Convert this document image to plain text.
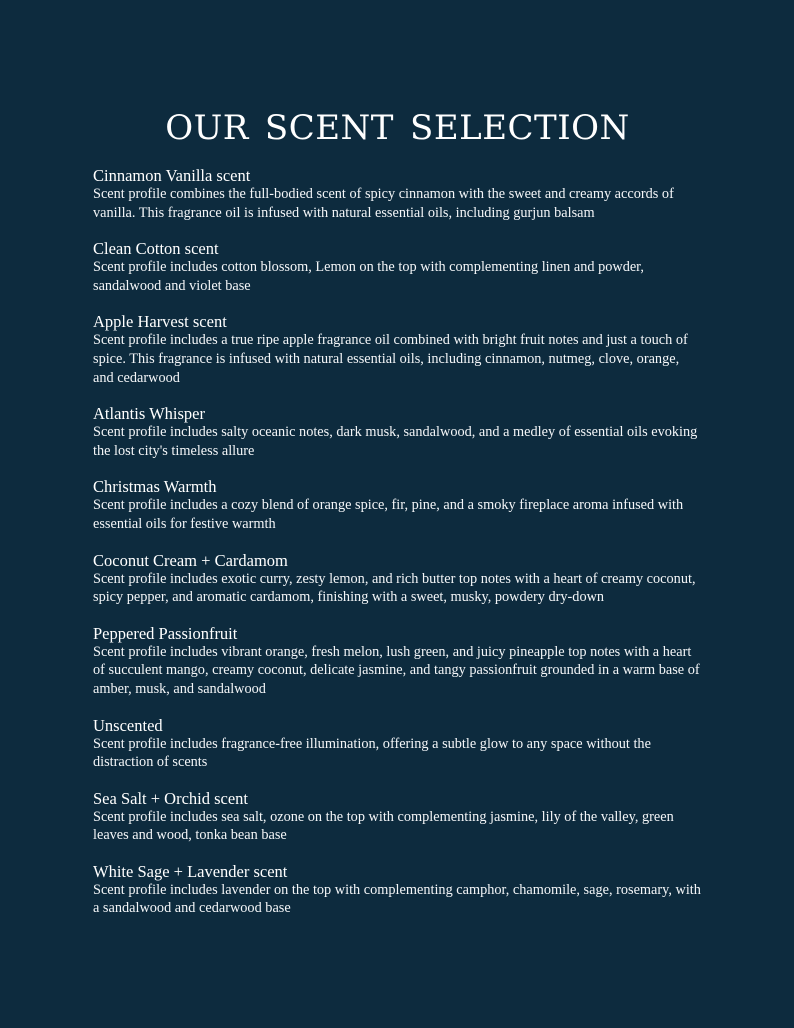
our scent selection
Cinnamon Vanilla scent
Scent profile combines the full-bodied scent of spicy cinnamon with the sweet and creamy accords of vanilla. This fragrance oil is infused with natural essential oils, including gurjun balsam
Clean Cotton scent
Scent profile includes cotton blossom, Lemon on the top with complementing linen and powder, sandalwood and violet base
Apple Harvest scent
Scent profile includes a true ripe apple fragrance oil combined with bright fruit notes and just a touch of spice. This fragrance is infused with natural essential oils, including cinnamon, nutmeg, clove, orange, and cedarwood
Atlantis Whisper
Scent profile includes salty oceanic notes, dark musk, sandalwood, and a medley of essential oils evoking the lost city's timeless allure
Christmas Warmth
Scent profile includes a cozy blend of orange spice, fir, pine, and a smoky fireplace aroma infused with essential oils for festive warmth
Coconut Cream + Cardamom
Scent profile includes exotic curry, zesty lemon, and rich butter top notes with a heart of creamy coconut, spicy pepper, and aromatic cardamom, finishing with a sweet, musky, powdery dry-down
Peppered Passionfruit
Scent profile includes vibrant orange, fresh melon, lush green, and juicy pineapple top notes with a heart of succulent mango, creamy coconut, delicate jasmine, and tangy passionfruit grounded in a warm base of amber, musk, and sandalwood
Unscented
Scent profile includes fragrance-free illumination, offering a subtle glow to any space without the distraction of scents
Sea Salt + Orchid scent
Scent profile includes sea salt, ozone on the top with complementing jasmine, lily of the valley, green leaves and wood, tonka bean base
White Sage + Lavender scent
Scent profile includes lavender on the top with complementing camphor, chamomile, sage, rosemary, with a sandalwood and cedarwood base
